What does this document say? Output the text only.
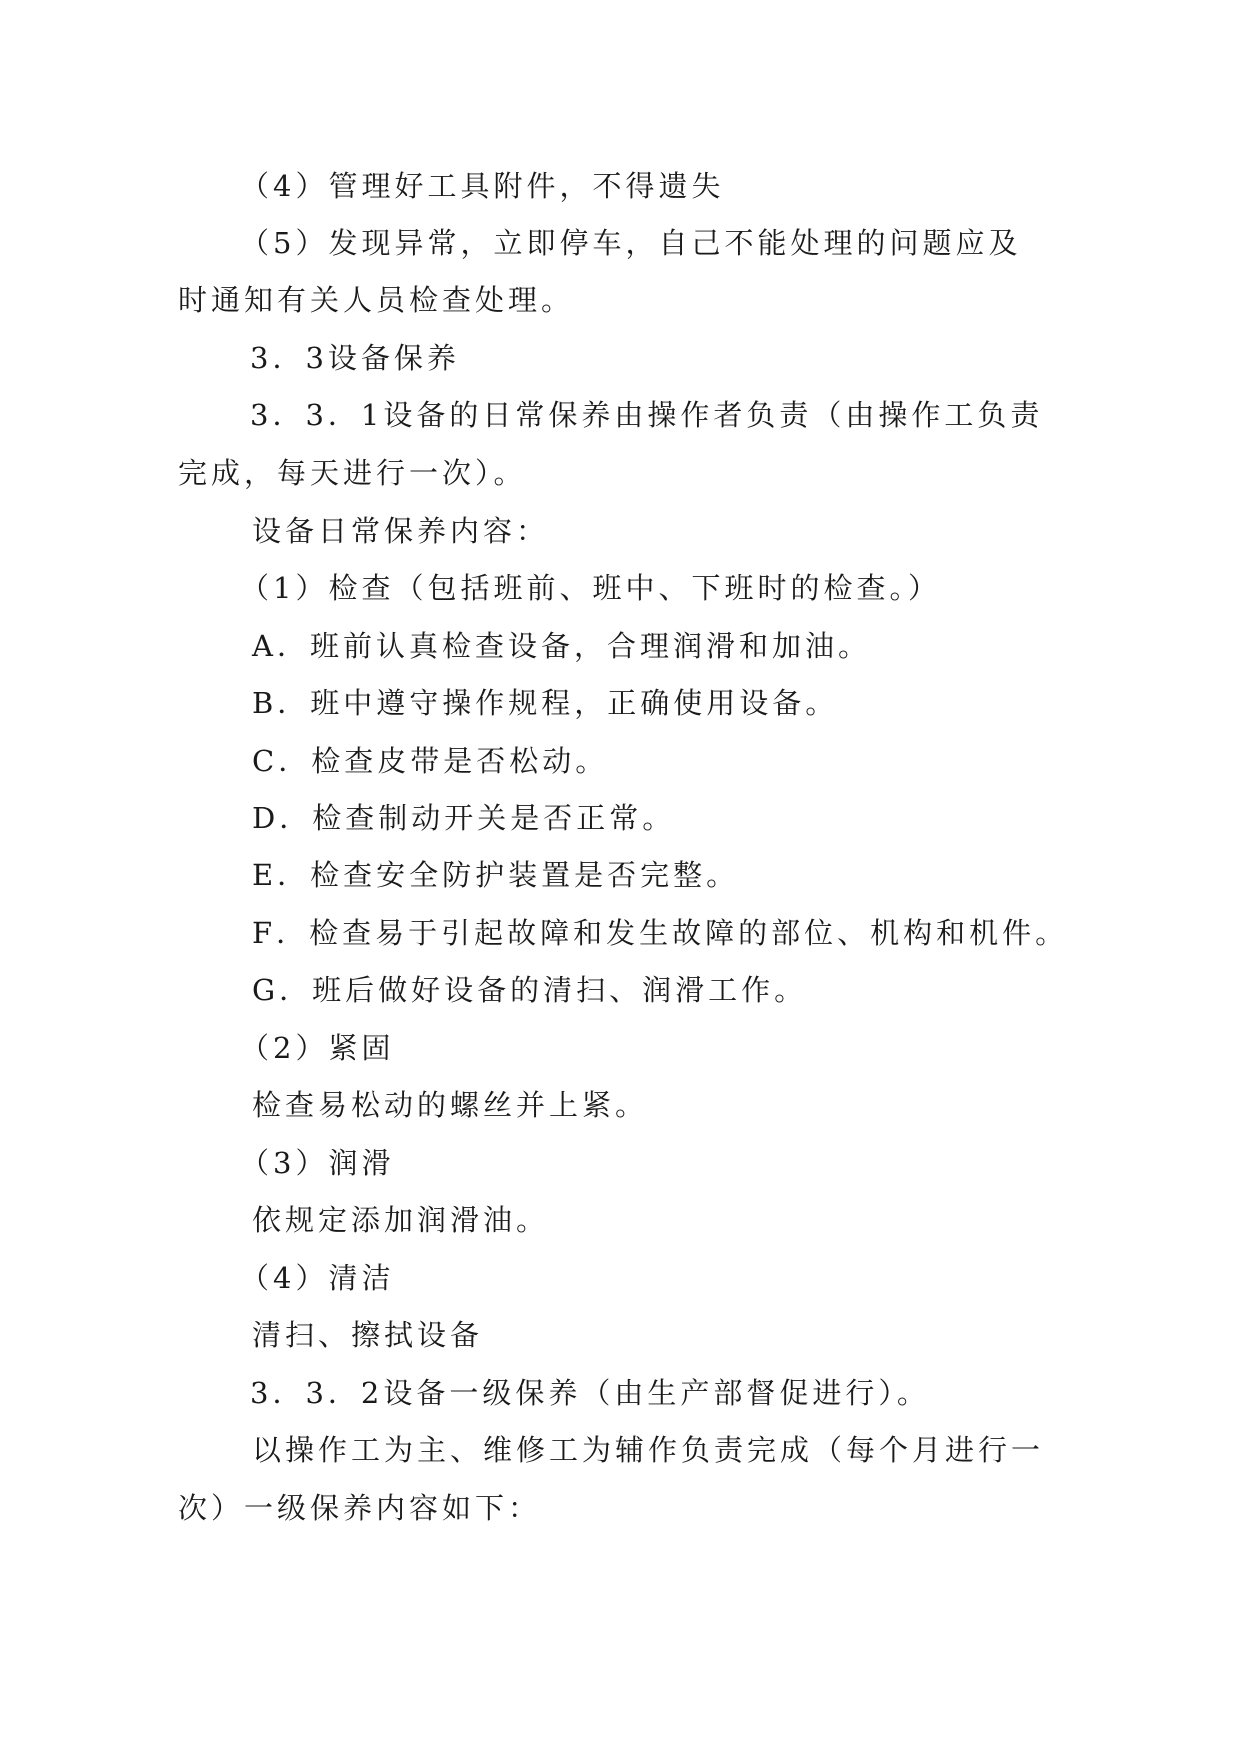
（4）管理好工具附件，不得遗失
（5）发现异常，立即停车，自己不能处理的问题应及
时通知有关人员检查处理。
3．3设备保养
3．3．1设备的日常保养由操作者负责（由操作工负责
完成，每天进行一次）。
设备日常保养内容：
（1）检查（包括班前、班中、下班时的检查。）
A．班前认真检查设备，合理润滑和加油。
B．班中遵守操作规程，正确使用设备。
C．检查皮带是否松动。
D．检查制动开关是否正常。
E．检查安全防护装置是否完整。
F．检查易于引起故障和发生故障的部位、机构和机件。
G．班后做好设备的清扫、润滑工作。
（2）紧固
检查易松动的螺丝并上紧。
（3）润滑
依规定添加润滑油。
（4）清洁
清扫、擦拭设备
3．3．2设备一级保养（由生产部督促进行）。
以操作工为主、维修工为辅作负责完成（每个月进行一
次）一级保养内容如下：
